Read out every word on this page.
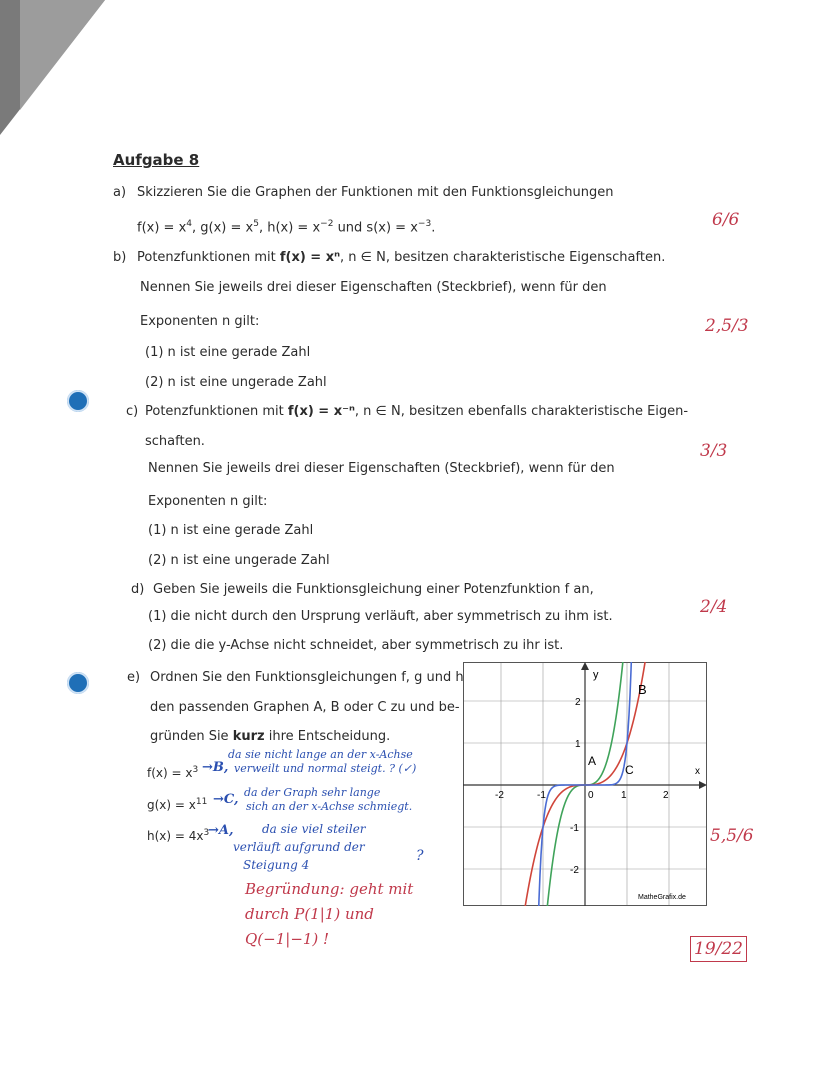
Aufgabe 8
a) Skizzieren Sie die Graphen der Funktionen mit den Funktionsgleichungen
$f(x) = x^4$, $g(x) = x^5$, $h(x) = x^{-2}$ und $s(x) = x^{-3}$.
b) Potenzfunktionen mit f(x) = xⁿ, n ∈ N, besitzen charakteristische Eigenschaften.
Nennen Sie jeweils drei dieser Eigenschaften (Steckbrief), wenn für den
Exponenten n gilt:
(1) n ist eine gerade Zahl
(2) n ist eine ungerade Zahl
c) Potenzfunktionen mit f(x) = x⁻ⁿ, n ∈ N, besitzen ebenfalls charakteristische Eigen-
schaften.
Nennen Sie jeweils drei dieser Eigenschaften (Steckbrief), wenn für den
Exponenten n gilt:
(1) n ist eine gerade Zahl
(2) n ist eine ungerade Zahl
d) Geben Sie jeweils die Funktionsgleichung einer Potenzfunktion f an,
(1) die nicht durch den Ursprung verläuft, aber symmetrisch zu ihm ist.
(2) die die y-Achse nicht schneidet, aber symmetrisch zu ihr ist.
e) Ordnen Sie den Funktionsgleichungen f, g und h
den passenden Graphen A, B oder C zu und be-
gründen Sie kurz ihre Entscheidung.
$f(x) = x^3$
$g(x) = x^{11}$
$h(x) = 4x^3$
→B,
da sie nicht lange an der x-Achse
verweilt und normal steigt. ? (✓)
→C, da der Graph sehr lange
sich an der x-Achse schmiegt.
→A, da sie viel steiler
verläuft aufgrund der
Steigung 4
?
Begründung: geht mit
durch P(1|1) und
Q(−1|−1) !
6/6
2,5/3
3/3
2/4
5,5/6
19/22
-2	-1	0	1	2
2
1
-1
-2
y
x
A
B
C
MatheGrafix.de
